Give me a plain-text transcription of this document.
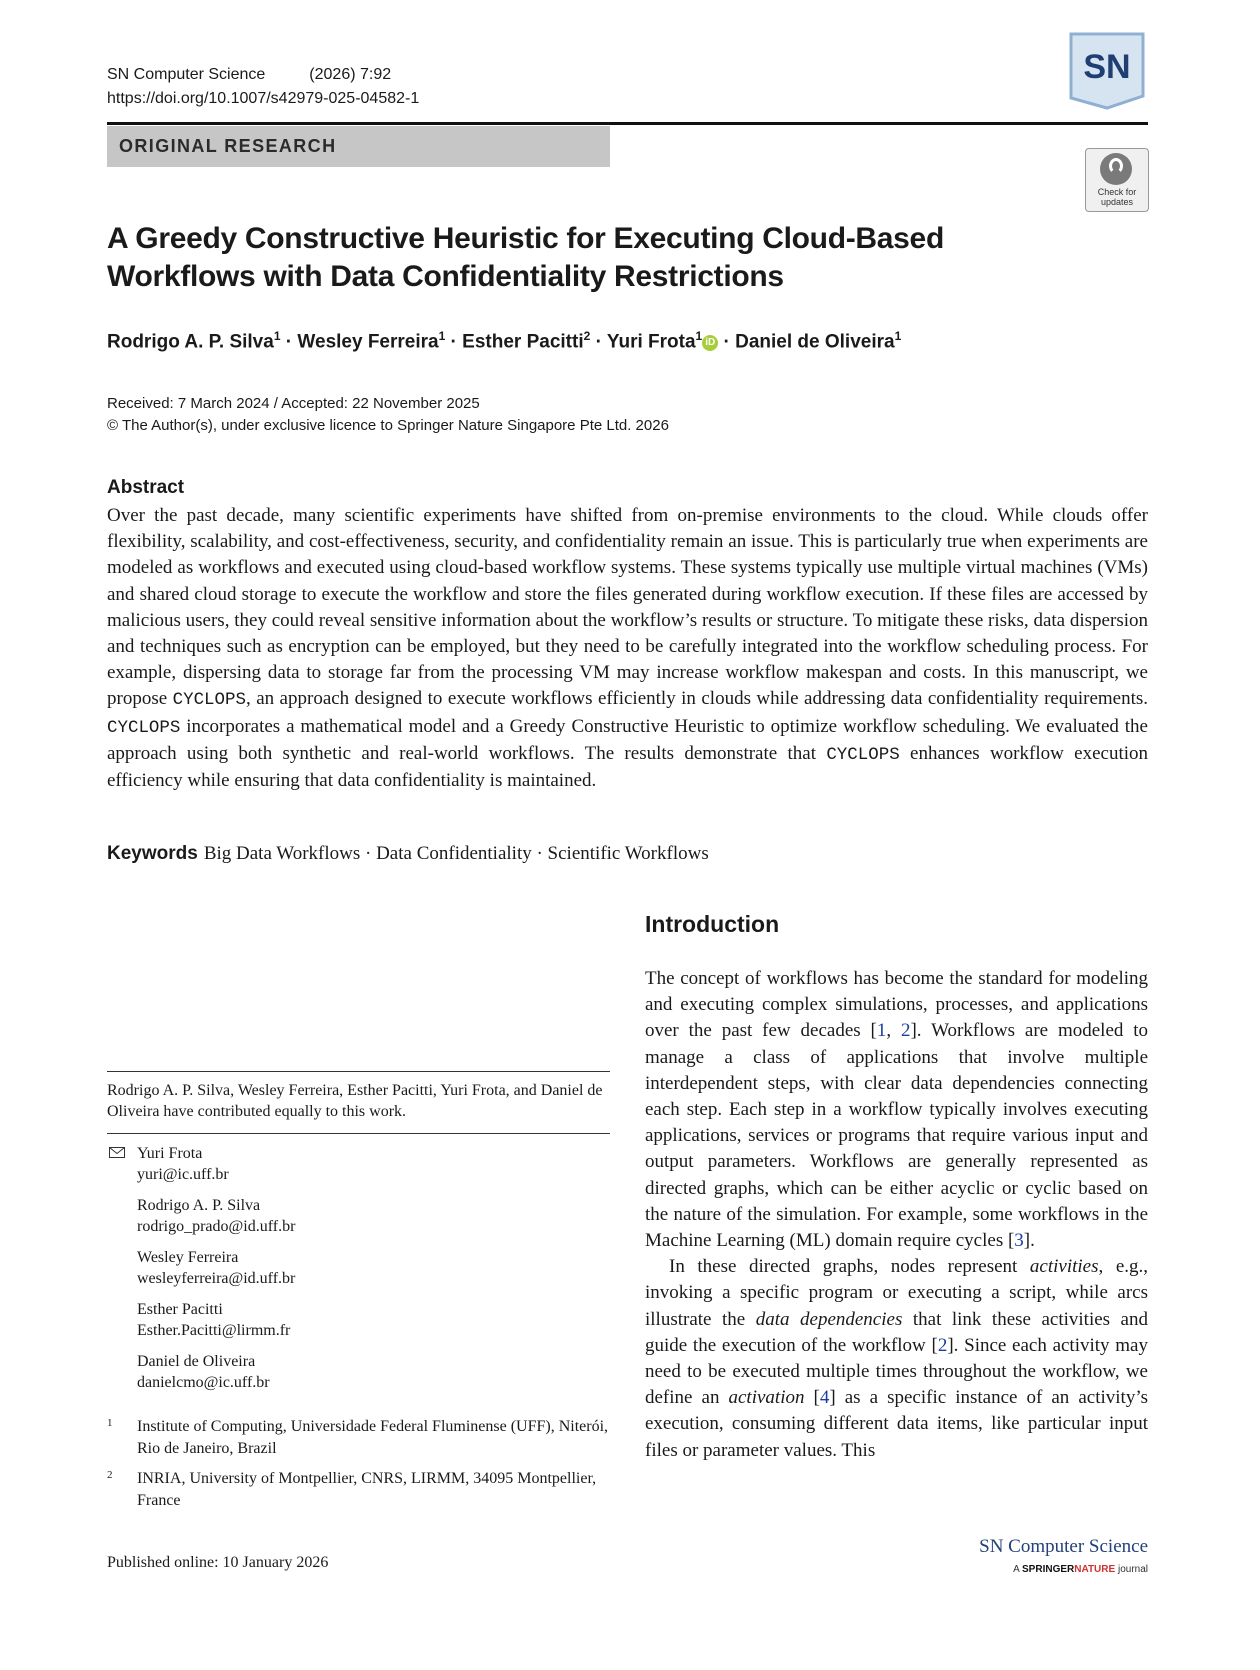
SN Computer Science	(2026) 7:92
https://doi.org/10.1007/s42979-025-04582-1
SN
ORIGINAL RESEARCH
Check for updates
A Greedy Constructive Heuristic for Executing Cloud-Based Workflows with Data Confidentiality Restrictions
Rodrigo A. P. Silva$^1$ · Wesley Ferreira$^1$ · Esther Pacitti$^2$ · Yuri Frota$^1$ iD · Daniel de Oliveira$^1$
Received: 7 March 2024 / Accepted: 22 November 2025
© The Author(s), under exclusive licence to Springer Nature Singapore Pte Ltd. 2026
Abstract
Over the past decade, many scientific experiments have shifted from on-premise environments to the cloud. While clouds offer flexibility, scalability, and cost-effectiveness, security, and confidentiality remain an issue. This is particularly true when experiments are modeled as workflows and executed using cloud-based workflow systems. These systems typically use multiple virtual machines (VMs) and shared cloud storage to execute the workflow and store the files generated during workflow execution. If these files are accessed by malicious users, they could reveal sensitive information about the workflow’s results or structure. To mitigate these risks, data dispersion and techniques such as encryption can be employed, but they need to be carefully integrated into the workflow scheduling process. For example, dispersing data to storage far from the processing VM may increase workflow makespan and costs. In this manuscript, we propose CYCLOPS, an approach designed to execute workflows efficiently in clouds while addressing data confidentiality requirements. CYCLOPS incorporates a mathematical model and a Greedy Constructive Heuristic to optimize workflow scheduling. We evaluated the approach using both synthetic and real-world workflows. The results demonstrate that CYCLOPS enhances workflow execution efficiency while ensuring that data confidentiality is maintained.
Keywords Big Data Workflows · Data Confidentiality · Scientific Workflows
Introduction

The concept of workflows has become the standard for modeling and executing complex simulations, processes, and applications over the past few decades [1, 2]. Workflows are modeled to manage a class of applications that involve multiple interdependent steps, with clear data dependencies connecting each step. Each step in a workflow typically involves executing applications, services or programs that require various input and output parameters. Workflows are generally represented as directed graphs, which can be either acyclic or cyclic based on the nature of the simulation. For example, some workflows in the Machine Learning (ML) domain require cycles [3].

In these directed graphs, nodes represent activities, e.g., invoking a specific program or executing a script, while arcs illustrate the data dependencies that link these activities and guide the execution of the workflow [2]. Since each activity may need to be executed multiple times throughout the workflow, we define an activation [4] as a specific instance of an activity’s execution, consuming different data items, like particular input files or parameter values. This

Rodrigo A. P. Silva, Wesley Ferreira, Esther Pacitti, Yuri Frota, and Daniel de Oliveira have contributed equally to this work.
Yuri Frota
yuri@ic.uff.br
Rodrigo A. P. Silva
rodrigo_prado@id.uff.br
Wesley Ferreira
wesleyferreira@id.uff.br
Esther Pacitti
Esther.Pacitti@lirmm.fr
Daniel de Oliveira
danielcmo@ic.uff.br
1 Institute of Computing, Universidade Federal Fluminense (UFF), Niterói, Rio de Janeiro, Brazil
2 INRIA, University of Montpellier, CNRS, LIRMM, 34095 Montpellier, France
Published online: 10 January 2026
SN Computer Science
A SPRINGERNATURE journal
